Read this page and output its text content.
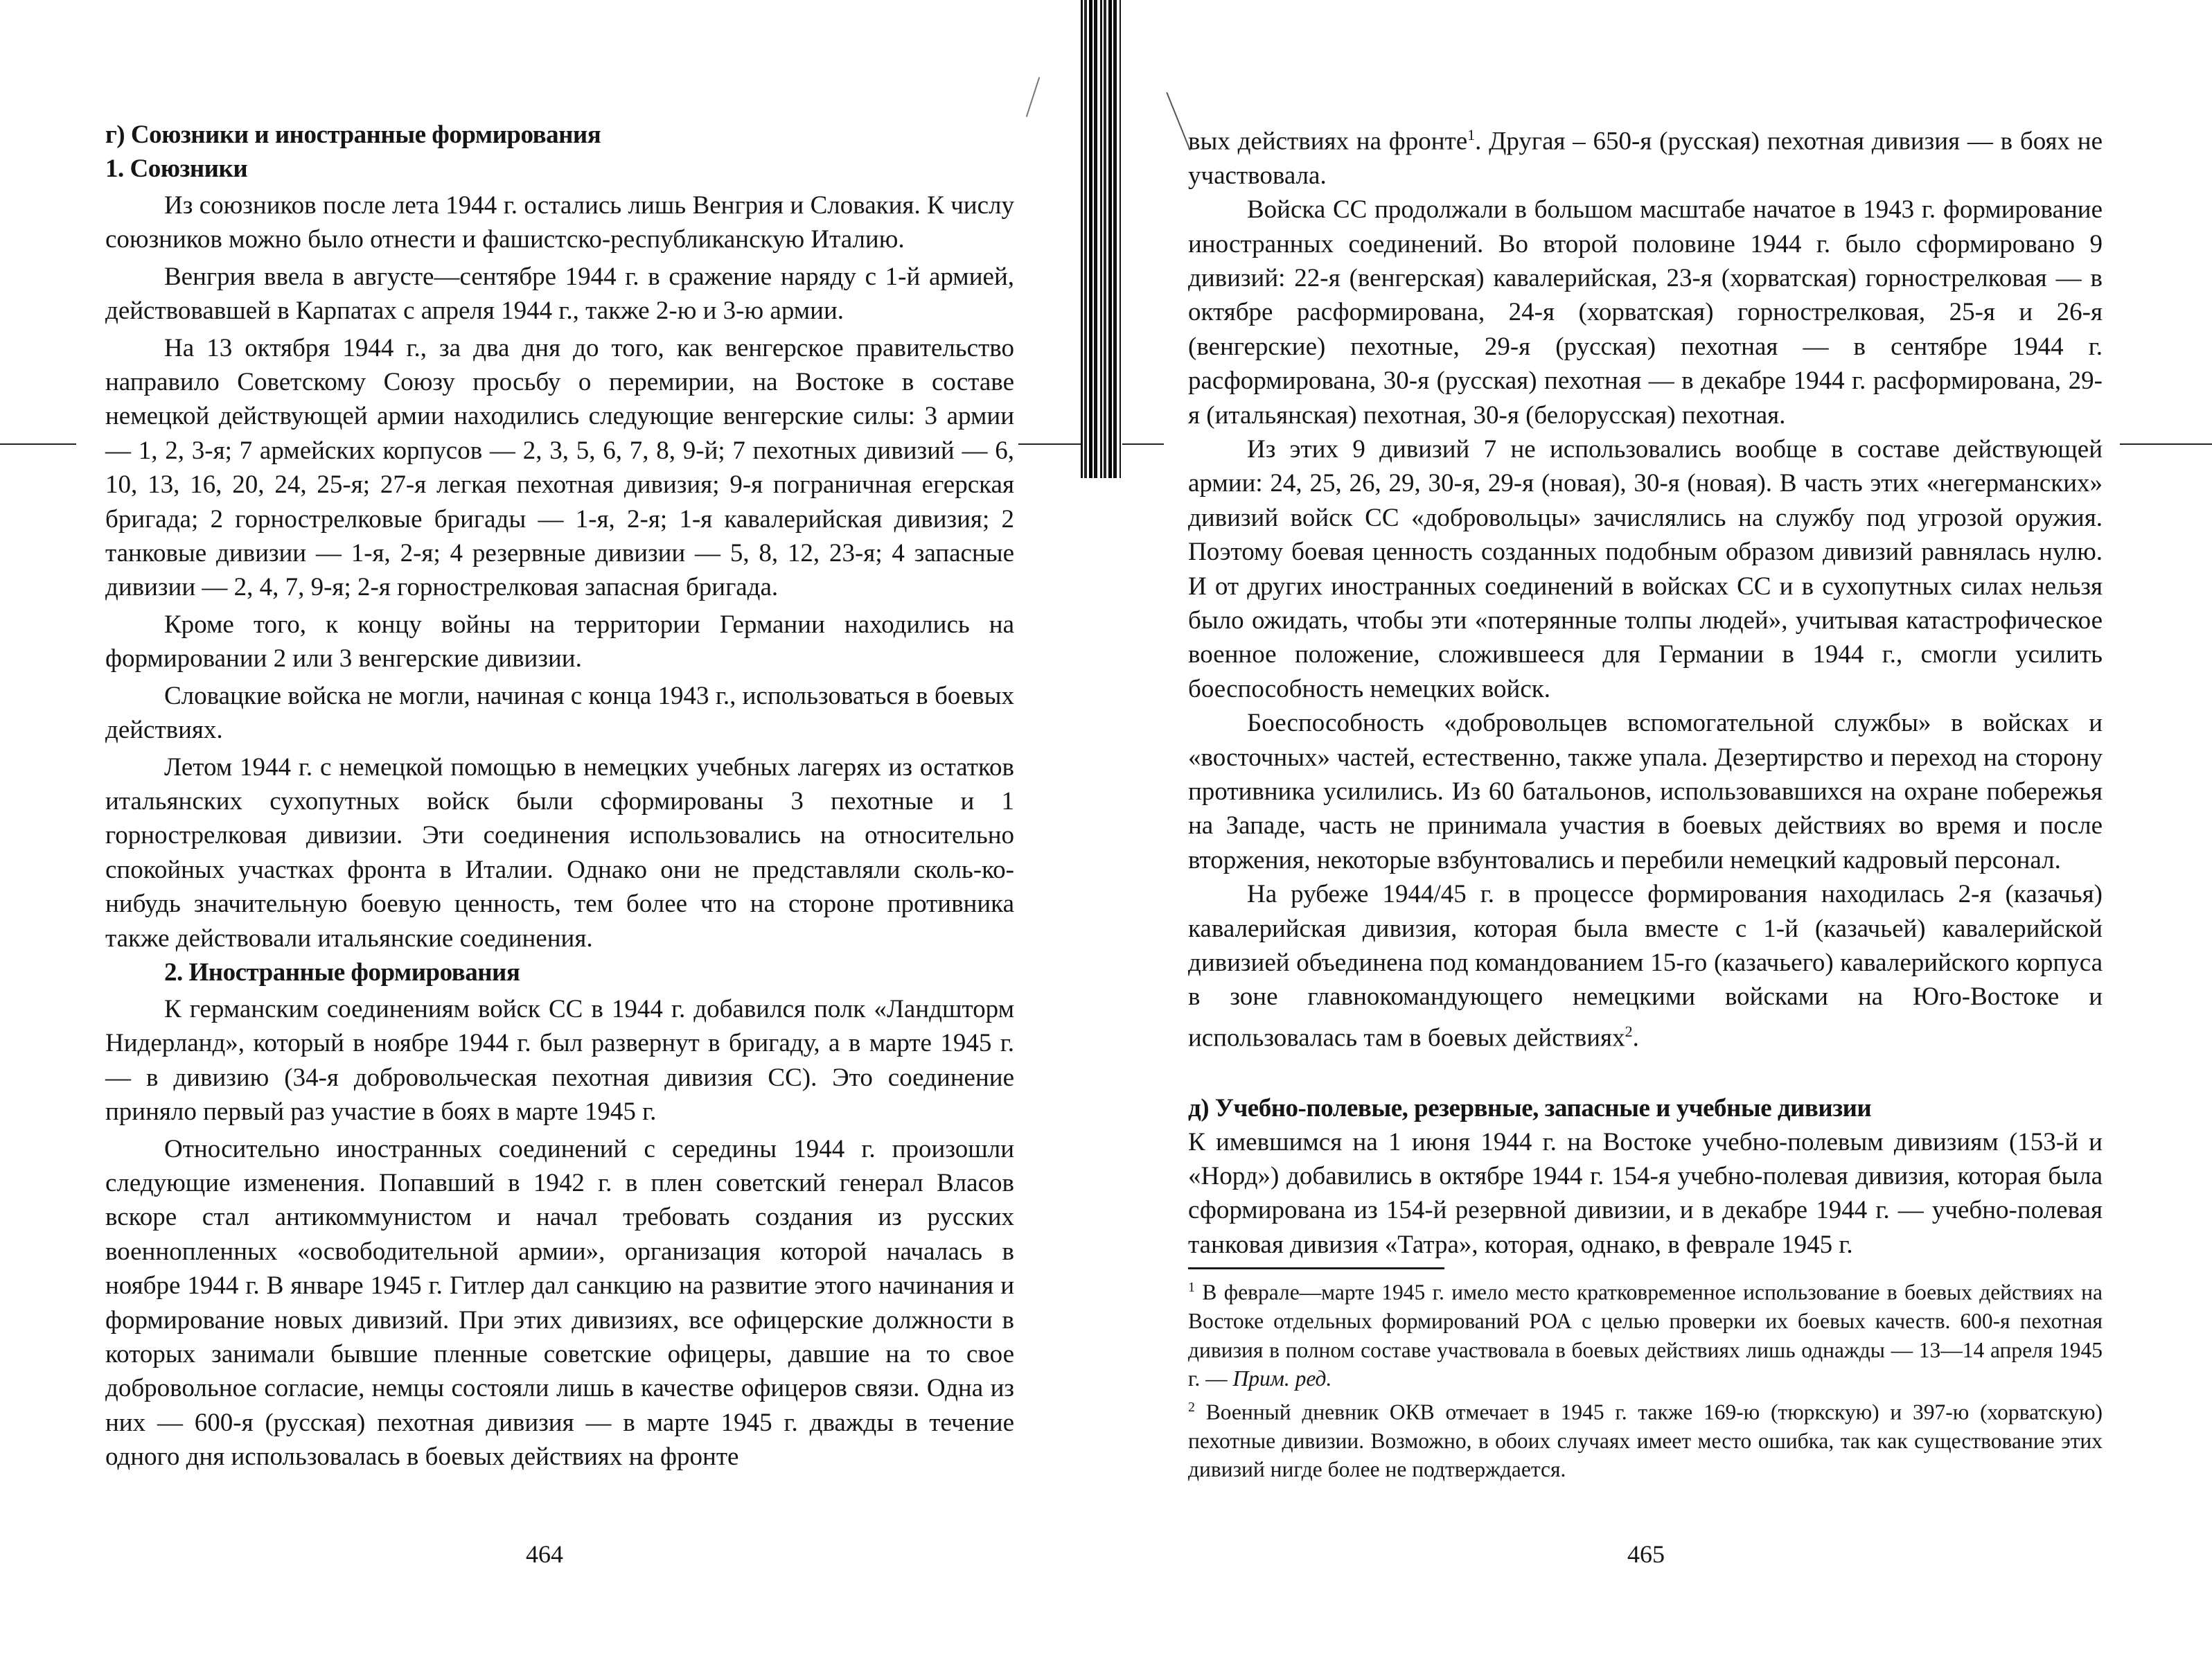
г) Союзники и иностранные формирования
1. Союзники

Из союзников после лета 1944 г. остались лишь Венгрия и Словакия. К числу союзников можно было отнести и фашистско-республиканскую Италию.

Венгрия ввела в августе—сентябре 1944 г. в сражение наряду с 1-й армией, действовавшей в Карпатах с апреля 1944 г., также 2-ю и 3-ю армии.

На 13 октября 1944 г., за два дня до того, как венгерское правительство направило Советскому Союзу просьбу о перемирии, на Востоке в составе немецкой действующей армии находились следующие венгерские силы: 3 армии — 1, 2, 3-я; 7 армейских корпусов — 2, 3, 5, 6, 7, 8, 9-й; 7 пехотных дивизий — 6, 10, 13, 16, 20, 24, 25-я; 27-я легкая пехотная дивизия; 9-я пограничная егерская бригада; 2 горнострелковые бригады — 1-я, 2-я; 1-я кавалерийская дивизия; 2 танковые дивизии — 1-я, 2-я; 4 резервные дивизии — 5, 8, 12, 23-я; 4 запасные дивизии — 2, 4, 7, 9-я; 2-я горнострелковая запасная бригада.

Кроме того, к концу войны на территории Германии находились на формировании 2 или 3 венгерские дивизии.

Словацкие войска не могли, начиная с конца 1943 г., использоваться в боевых действиях.

Летом 1944 г. с немецкой помощью в немецких учебных лагерях из остатков итальянских сухопутных войск были сформированы 3 пехотные и 1 горнострелковая дивизии. Эти соединения использовались на относительно спокойных участках фронта в Италии. Однако они не представляли сколь-ко-нибудь значительную боевую ценность, тем более что на стороне противника также действовали итальянские соединения.

2. Иностранные формирования

К германским соединениям войск СС в 1944 г. добавился полк «Ландшторм Нидерланд», который в ноябре 1944 г. был развернут в бригаду, а в марте 1945 г. — в дивизию (34-я добровольческая пехотная дивизия СС). Это соединение приняло первый раз участие в боях в марте 1945 г.

Относительно иностранных соединений с середины 1944 г. произошли следующие изменения. Попавший в 1942 г. в плен советский генерал Власов вскоре стал антикоммунистом и начал требовать создания из русских военнопленных «освободительной армии», организация которой началась в ноябре 1944 г. В январе 1945 г. Гитлер дал санкцию на развитие этого начинания и формирование новых дивизий. При этих дивизиях, все офицерские должности в которых занимали бывшие пленные советские офицеры, давшие на то свое добровольное согласие, немцы состояли лишь в качестве офицеров связи. Одна из них — 600-я (русская) пехотная дивизия — в марте 1945 г. дважды в течение одного дня использовалась в боевых действиях на фронте

464

вых действиях на фронте$^1$. Другая – 650-я (русская) пехотная дивизия — в боях не участвовала.

Войска СС продолжали в большом масштабе начатое в 1943 г. формирование иностранных соединений. Во второй половине 1944 г. было сформировано 9 дивизий: 22-я (венгерская) кавалерийская, 23-я (хорватская) горнострелковая — в октябре расформирована, 24-я (хорватская) горнострелковая, 25-я и 26-я (венгерские) пехотные, 29-я (русская) пехотная — в сентябре 1944 г. расформирована, 30-я (русская) пехотная — в декабре 1944 г. расформирована, 29-я (итальянская) пехотная, 30-я (белорусская) пехотная.

Из этих 9 дивизий 7 не использовались вообще в составе действующей армии: 24, 25, 26, 29, 30-я, 29-я (новая), 30-я (новая). В часть этих «негерманских» дивизий войск СС «добровольцы» зачислялись на службу под угрозой оружия. Поэтому боевая ценность созданных подобным образом дивизий равнялась нулю. И от других иностранных соединений в войсках СС и в сухопутных силах нельзя было ожидать, чтобы эти «потерянные толпы людей», учитывая катастрофическое военное положение, сложившееся для Германии в 1944 г., смогли усилить боеспособность немецких войск.

Боеспособность «добровольцев вспомогательной службы» в войсках и «восточных» частей, естественно, также упала. Дезертирство и переход на сторону противника усилились. Из 60 батальонов, использовавшихся на охране побережья на Западе, часть не принимала участия в боевых действиях во время и после вторжения, некоторые взбунтовались и перебили немецкий кадровый персонал.

На рубеже 1944/45 г. в процессе формирования находилась 2-я (казачья) кавалерийская дивизия, которая была вместе с 1-й (казачьей) кавалерийской дивизией объединена под командованием 15-го (казачьего) кавалерийского корпуса в зоне главнокомандующего немецкими войсками на Юго-Востоке и использовалась там в боевых действиях$^2$.

д) Учебно-полевые, резервные, запасные и учебные дивизии

К имевшимся на 1 июня 1944 г. на Востоке учебно-полевым дивизиям (153-й и «Норд») добавились в октябре 1944 г. 154-я учебно-полевая дивизия, которая была сформирована из 154-й резервной дивизии, и в декабре 1944 г. — учебно-полевая танковая дивизия «Татра», которая, однако, в феврале 1945 г.

$^1$ В феврале—марте 1945 г. имело место кратковременное использование в боевых действиях на Востоке отдельных формирований РОА с целью проверки их боевых качеств. 600-я пехотная дивизия в полном составе участвовала в боевых действиях лишь однажды — 13—14 апреля 1945 г. — Прим. ред.

$^2$ Военный дневник ОКВ отмечает в 1945 г. также 169-ю (тюркскую) и 397-ю (хорватскую) пехотные дивизии. Возможно, в обоих случаях имеет место ошибка, так как существование этих дивизий нигде более не подтверждается.

465
